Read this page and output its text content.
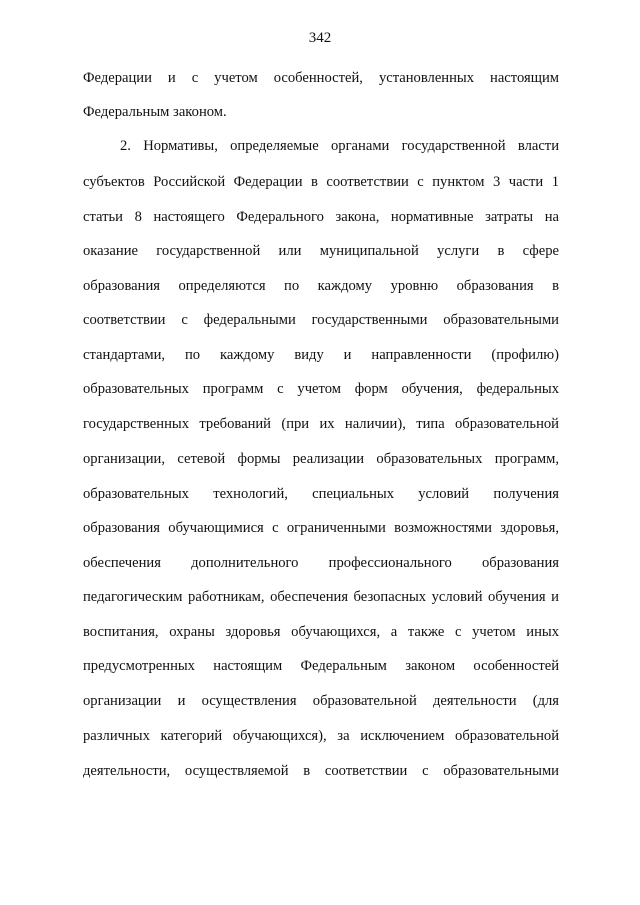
342
Федерации и с учетом особенностей, установленных настоящим
Федеральным законом.
2. Нормативы, определяемые органами государственной власти
субъектов Российской Федерации в соответствии с пунктом 3 части 1
статьи 8 настоящего Федерального закона, нормативные затраты на
оказание государственной или муниципальной услуги в сфере
образования определяются по каждому уровню образования в
соответствии с федеральными государственными образовательными
стандартами, по каждому виду и направленности (профилю)
образовательных программ с учетом форм обучения, федеральных
государственных требований (при их наличии), типа образовательной
организации, сетевой формы реализации образовательных программ,
образовательных технологий, специальных условий получения
образования обучающимися с ограниченными возможностями здоровья,
обеспечения дополнительного профессионального образования
педагогическим работникам, обеспечения безопасных условий обучения и
воспитания, охраны здоровья обучающихся, а также с учетом иных
предусмотренных настоящим Федеральным законом особенностей
организации и осуществления образовательной деятельности (для
различных категорий обучающихся), за исключением образовательной
деятельности, осуществляемой в соответствии с образовательными
